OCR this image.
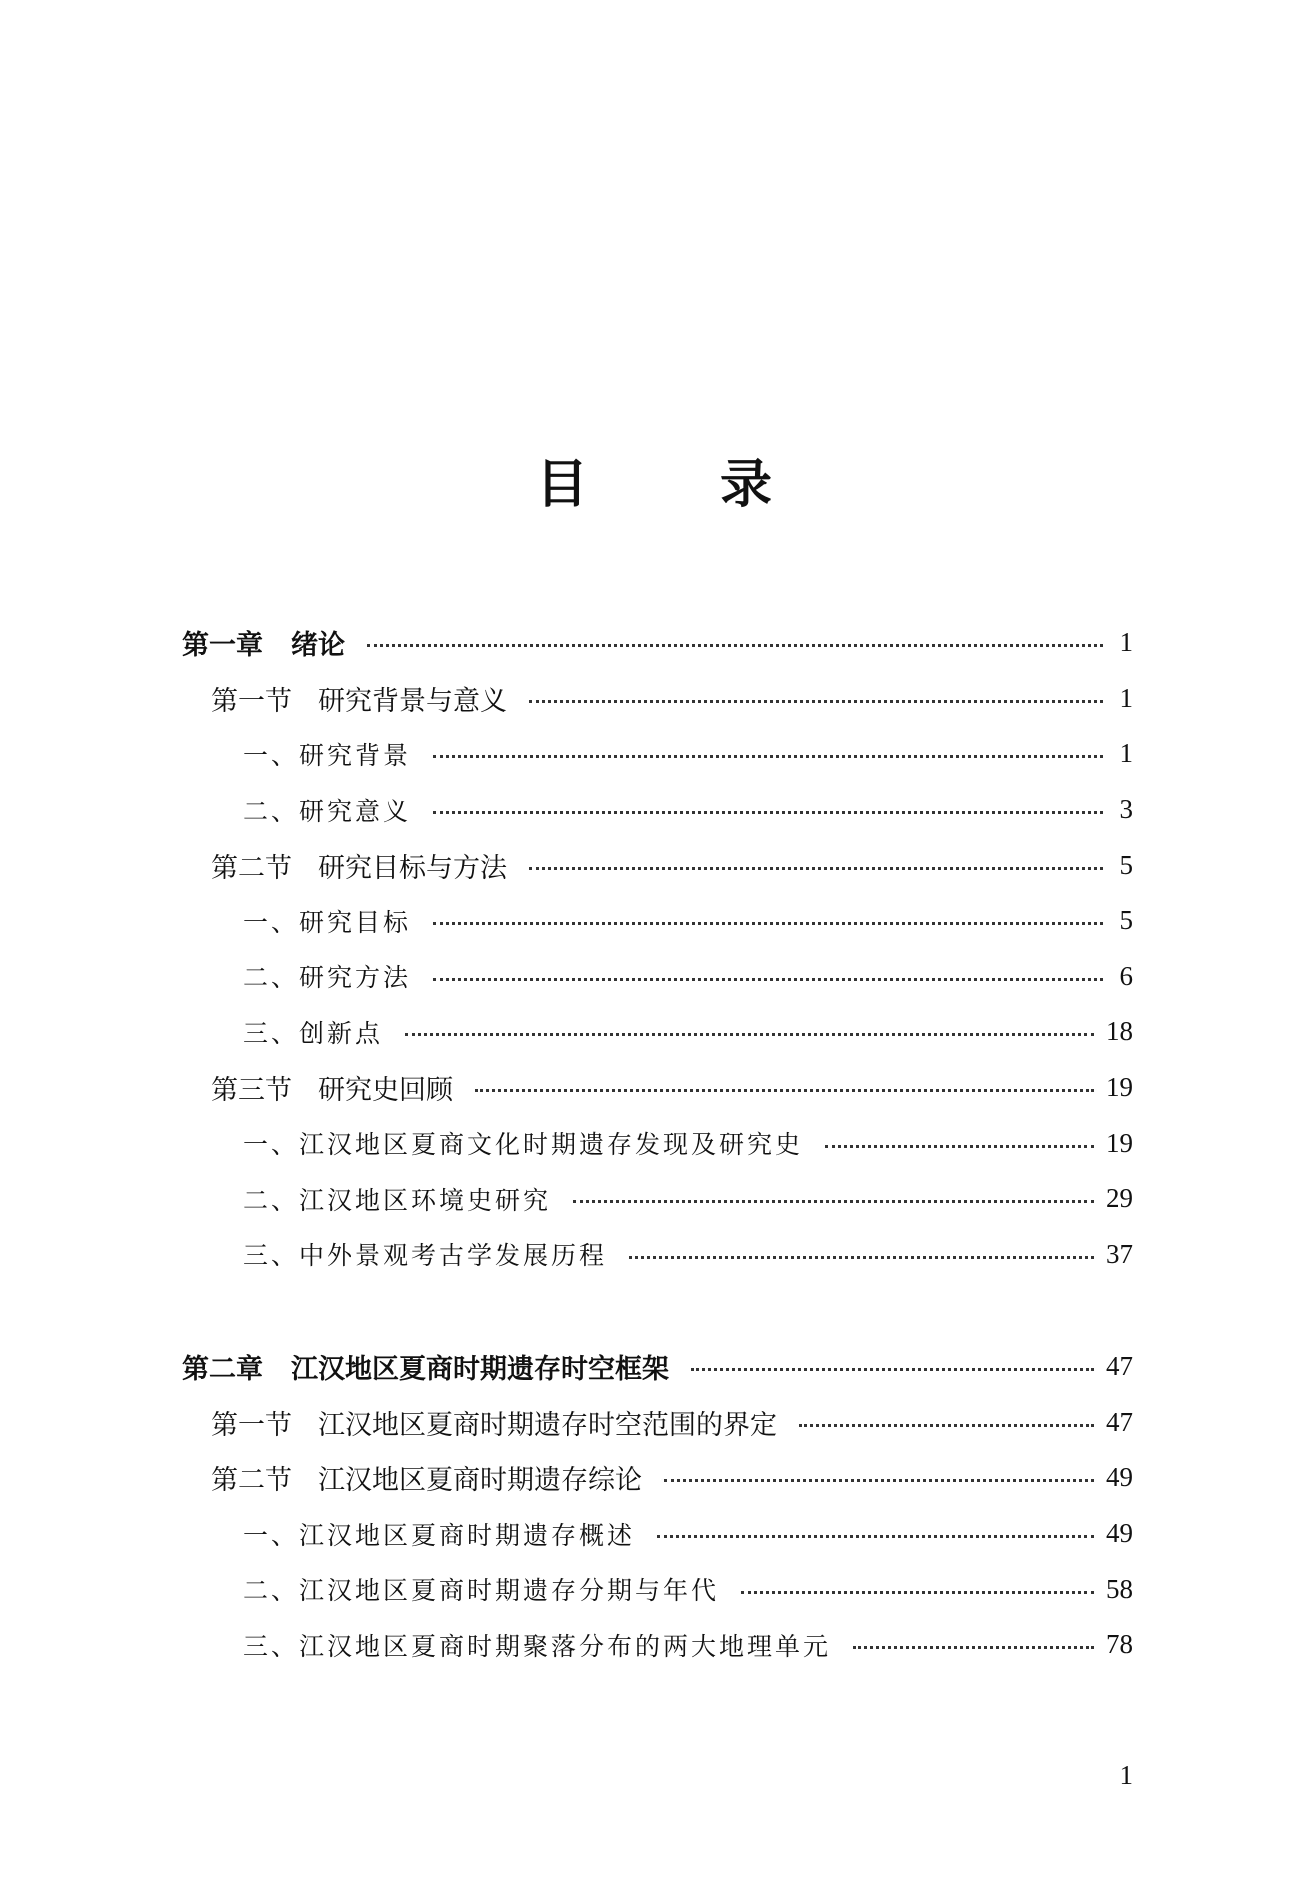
目　录
第一章 绪论	1
第一节 研究背景与意义	1
一、研究背景	1
二、研究意义	3
第二节 研究目标与方法	5
一、研究目标	5
二、研究方法	6
三、创新点	18
第三节 研究史回顾	19
一、江汉地区夏商文化时期遗存发现及研究史	19
二、江汉地区环境史研究	29
三、中外景观考古学发展历程	37
第二章 江汉地区夏商时期遗存时空框架	47
第一节 江汉地区夏商时期遗存时空范围的界定	47
第二节 江汉地区夏商时期遗存综论	49
一、江汉地区夏商时期遗存概述	49
二、江汉地区夏商时期遗存分期与年代	58
三、江汉地区夏商时期聚落分布的两大地理单元	78
1
